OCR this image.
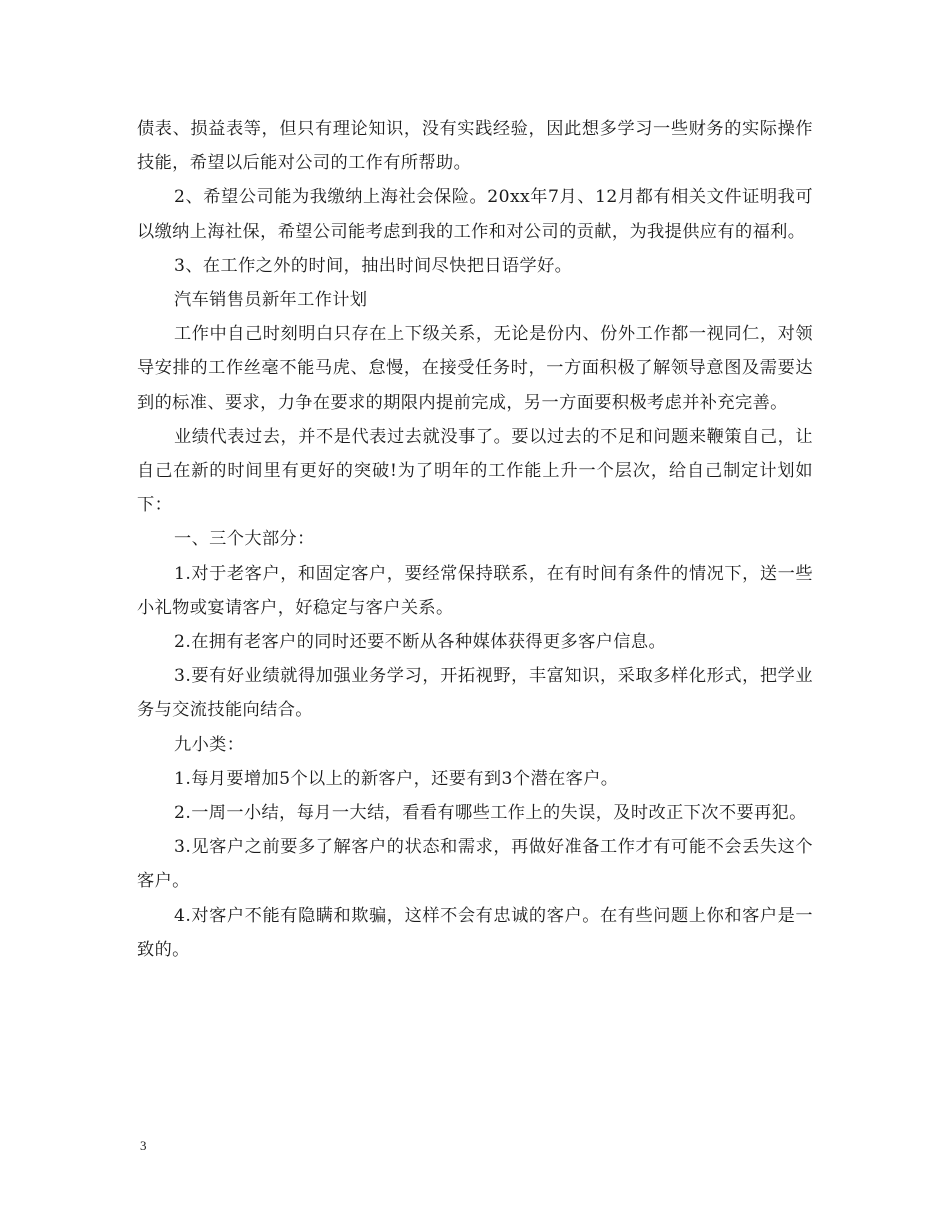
债表、损益表等，但只有理论知识，没有实践经验，因此想多学习一些财务的实际操作技能，希望以后能对公司的工作有所帮助。

2、希望公司能为我缴纳上海社会保险。20xx年7月、12月都有相关文件证明我可以缴纳上海社保，希望公司能考虑到我的工作和对公司的贡献，为我提供应有的福利。

3、在工作之外的时间，抽出时间尽快把日语学好。

汽车销售员新年工作计划

工作中自己时刻明白只存在上下级关系，无论是份内、份外工作都一视同仁，对领导安排的工作丝毫不能马虎、怠慢，在接受任务时，一方面积极了解领导意图及需要达到的标准、要求，力争在要求的期限内提前完成，另一方面要积极考虑并补充完善。

业绩代表过去，并不是代表过去就没事了。要以过去的不足和问题来鞭策自己，让自己在新的时间里有更好的突破!为了明年的工作能上升一个层次，给自己制定计划如下：

一、三个大部分：

1.对于老客户，和固定客户，要经常保持联系，在有时间有条件的情况下，送一些小礼物或宴请客户，好稳定与客户关系。

2.在拥有老客户的同时还要不断从各种媒体获得更多客户信息。

3.要有好业绩就得加强业务学习，开拓视野，丰富知识，采取多样化形式，把学业务与交流技能向结合。

九小类：

1.每月要增加5个以上的新客户，还要有到3个潜在客户。

2.一周一小结，每月一大结，看看有哪些工作上的失误，及时改正下次不要再犯。

3.见客户之前要多了解客户的状态和需求，再做好准备工作才有可能不会丢失这个客户。

4.对客户不能有隐瞒和欺骗，这样不会有忠诚的客户。在有些问题上你和客户是一致的。

3
